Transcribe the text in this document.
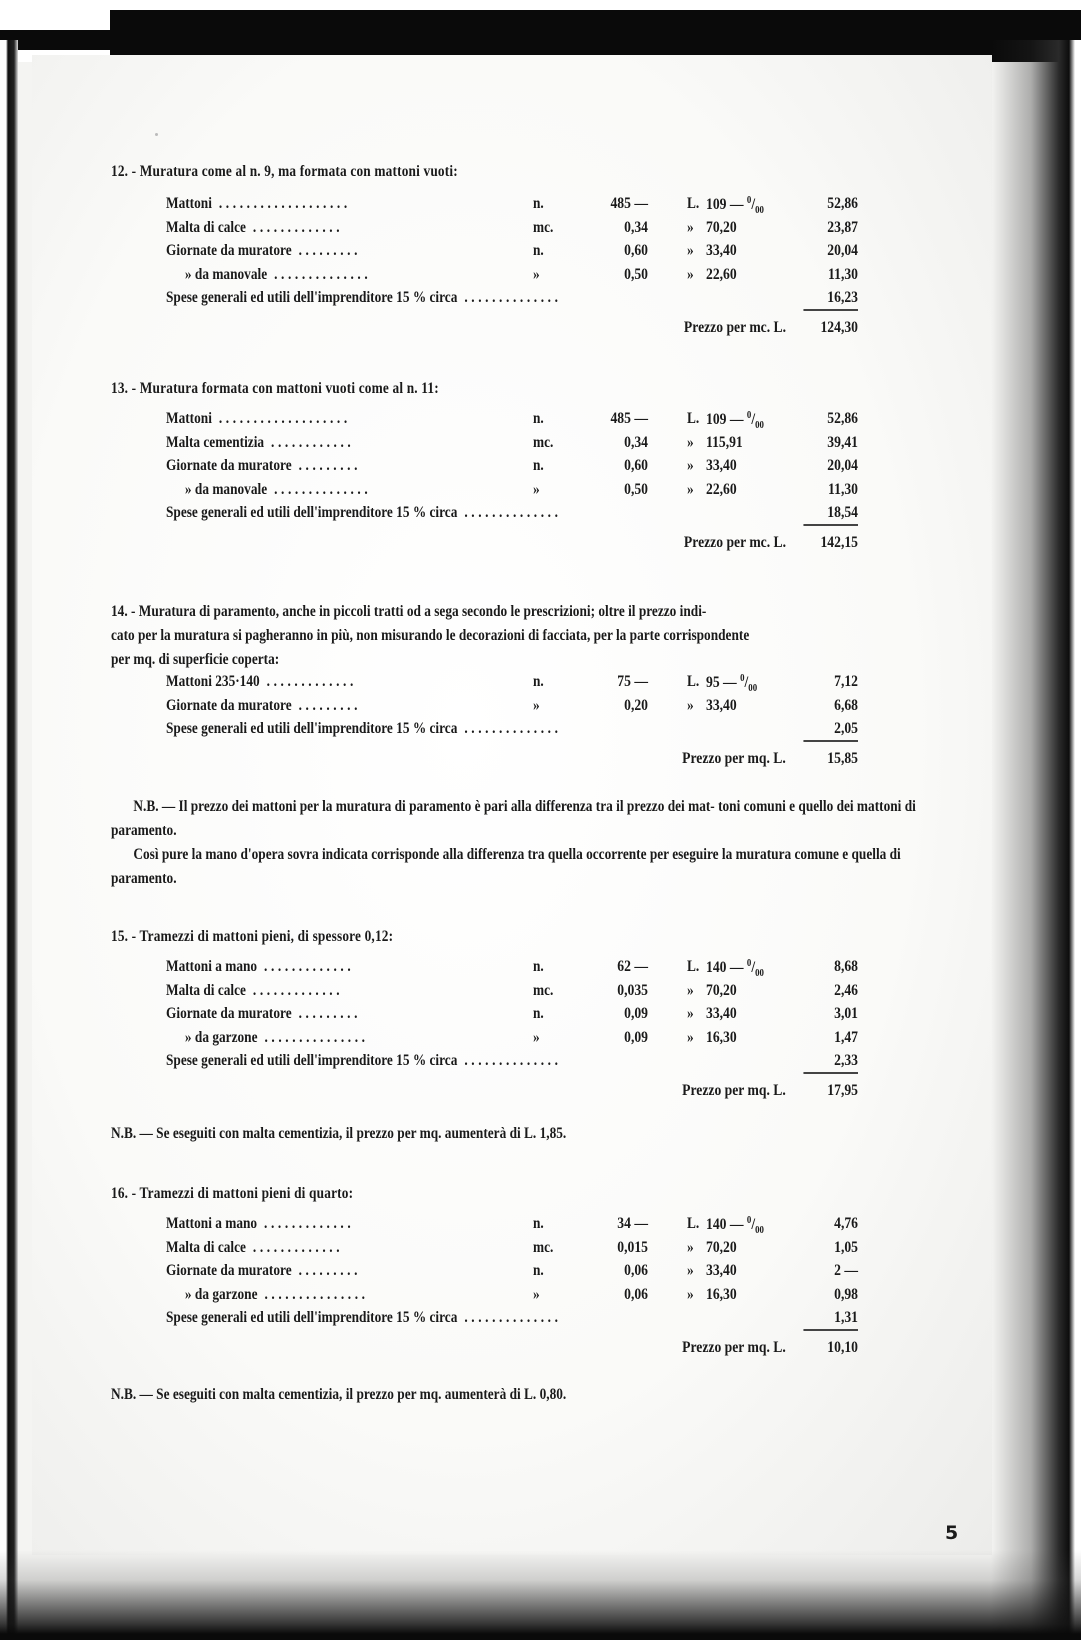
12. - Muratura come al n. 9, ma formata con mattoni vuoti:
Mattoni ...................	n.	485 —	L. 109 — $^0/_{00}$	52,86
Malta di calce .............	mc.	0,34	» 70,20	23,87
Giornate da muratore .........	n.	0,60	» 33,40	20,04
» da manovale ..............	»	0,50	» 22,60	11,30
Spese generali ed utili dell'imprenditore 15 % circa ..............	16,23
Prezzo per mc. L.	124,30
13. - Muratura formata con mattoni vuoti come al n. 11:
Mattoni ...................	n.	485 —	L. 109 — $^0/_{00}$	52,86
Malta cementizia ............	mc.	0,34	» 115,91	39,41
Giornate da muratore .........	n.	0,60	» 33,40	20,04
» da manovale ..............	»	0,50	» 22,60	11,30
Spese generali ed utili dell'imprenditore 15 % circa ..............	18,54
Prezzo per mc. L.	142,15
14. - Muratura di paramento, anche in piccoli tratti od a sega secondo le prescrizioni; oltre il prezzo indi-
cato per la muratura si pagheranno in più, non misurando le decorazioni di facciata, per la parte corrispondente
per mq. di superficie coperta:
Mattoni 235·140 .............	n.	75 —	L. 95 — $^0/_{00}$	7,12
Giornate da muratore .........	»	0,20	» 33,40	6,68
Spese generali ed utili dell'imprenditore 15 % circa ..............	2,05
Prezzo per mq. L.	15,85
N.B. — Il prezzo dei mattoni per la muratura di paramento è pari alla differenza tra il prezzo dei mat- toni comuni e quello dei mattoni di paramento.
Così pure la mano d'opera sovra indicata corrisponde alla differenza tra quella occorrente per eseguire la muratura comune e quella di paramento.
15. - Tramezzi di mattoni pieni, di spessore 0,12:
Mattoni a mano .............	n.	62 —	L. 140 — $^0/_{00}$	8,68
Malta di calce .............	mc.	0,035	» 70,20	2,46
Giornate da muratore .........	n.	0,09	» 33,40	3,01
» da garzone ...............	»	0,09	» 16,30	1,47
Spese generali ed utili dell'imprenditore 15 % circa ..............	2,33
Prezzo per mq. L.	17,95
N.B. — Se eseguiti con malta cementizia, il prezzo per mq. aumenterà di L. 1,85.
16. - Tramezzi di mattoni pieni di quarto:
Mattoni a mano .............	n.	34 —	L. 140 — $^0/_{00}$	4,76
Malta di calce .............	mc.	0,015	» 70,20	1,05
Giornate da muratore .........	n.	0,06	» 33,40	2 —
» da garzone ...............	»	0,06	» 16,30	0,98
Spese generali ed utili dell'imprenditore 15 % circa ..............	1,31
Prezzo per mq. L.	10,10
N.B. — Se eseguiti con malta cementizia, il prezzo per mq. aumenterà di L. 0,80.
5
